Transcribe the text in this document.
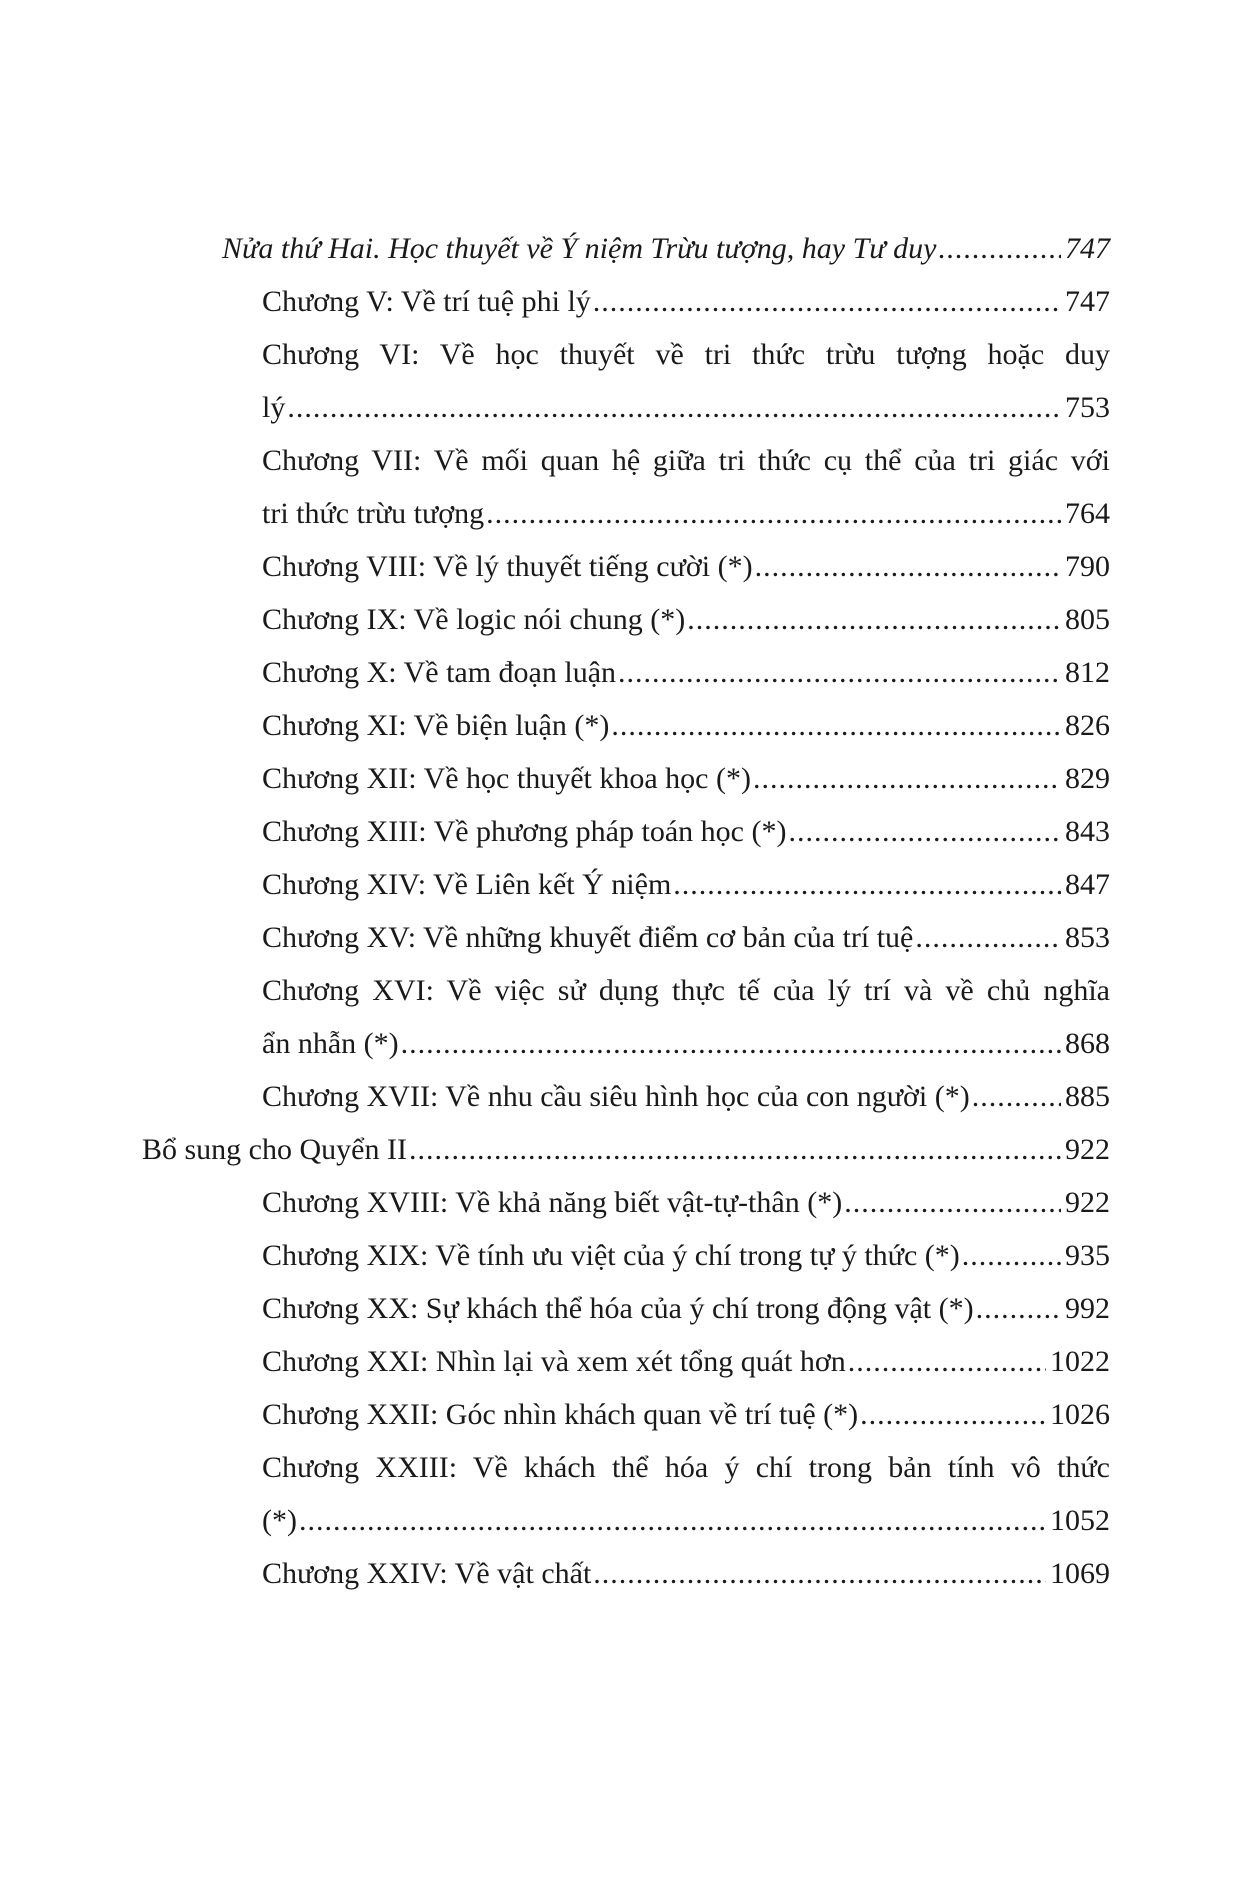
Nửa thứ Hai. Học thuyết về Ý niệm Trừu tượng, hay Tư duy .....	747
Chương V: Về trí tuệ phi lý .....	747
Chương VI: Về học thuyết về tri thức trừu tượng hoặc duy
lý .....	753
Chương VII: Về mối quan hệ giữa tri thức cụ thể của tri giác với
tri thức trừu tượng .....	764
Chương VIII: Về lý thuyết tiếng cười (*) .....	790
Chương IX: Về logic nói chung (*) .....	805
Chương X: Về tam đoạn luận .....	812
Chương XI: Về biện luận (*) .....	826
Chương XII: Về học thuyết khoa học (*) .....	829
Chương XIII: Về phương pháp toán học (*) .....	843
Chương XIV: Về Liên kết Ý niệm .....	847
Chương XV: Về những khuyết điểm cơ bản của trí tuệ .....	853
Chương XVI: Về việc sử dụng thực tế của lý trí và về chủ nghĩa
ẩn nhẫn (*) .....	868
Chương XVII: Về nhu cầu siêu hình học của con người (*) .....	885
Bổ sung cho Quyển II .....	922
Chương XVIII: Về khả năng biết vật-tự-thân (*) .....	922
Chương XIX: Về tính ưu việt của ý chí trong tự ý thức (*) .....	935
Chương XX: Sự khách thể hóa của ý chí trong động vật (*) .....	992
Chương XXI: Nhìn lại và xem xét tổng quát hơn .....	1022
Chương XXII: Góc nhìn khách quan về trí tuệ (*) .....	1026
Chương XXIII: Về khách thể hóa ý chí trong bản tính vô thức
(*) .....	1052
Chương XXIV: Về vật chất .....	1069
